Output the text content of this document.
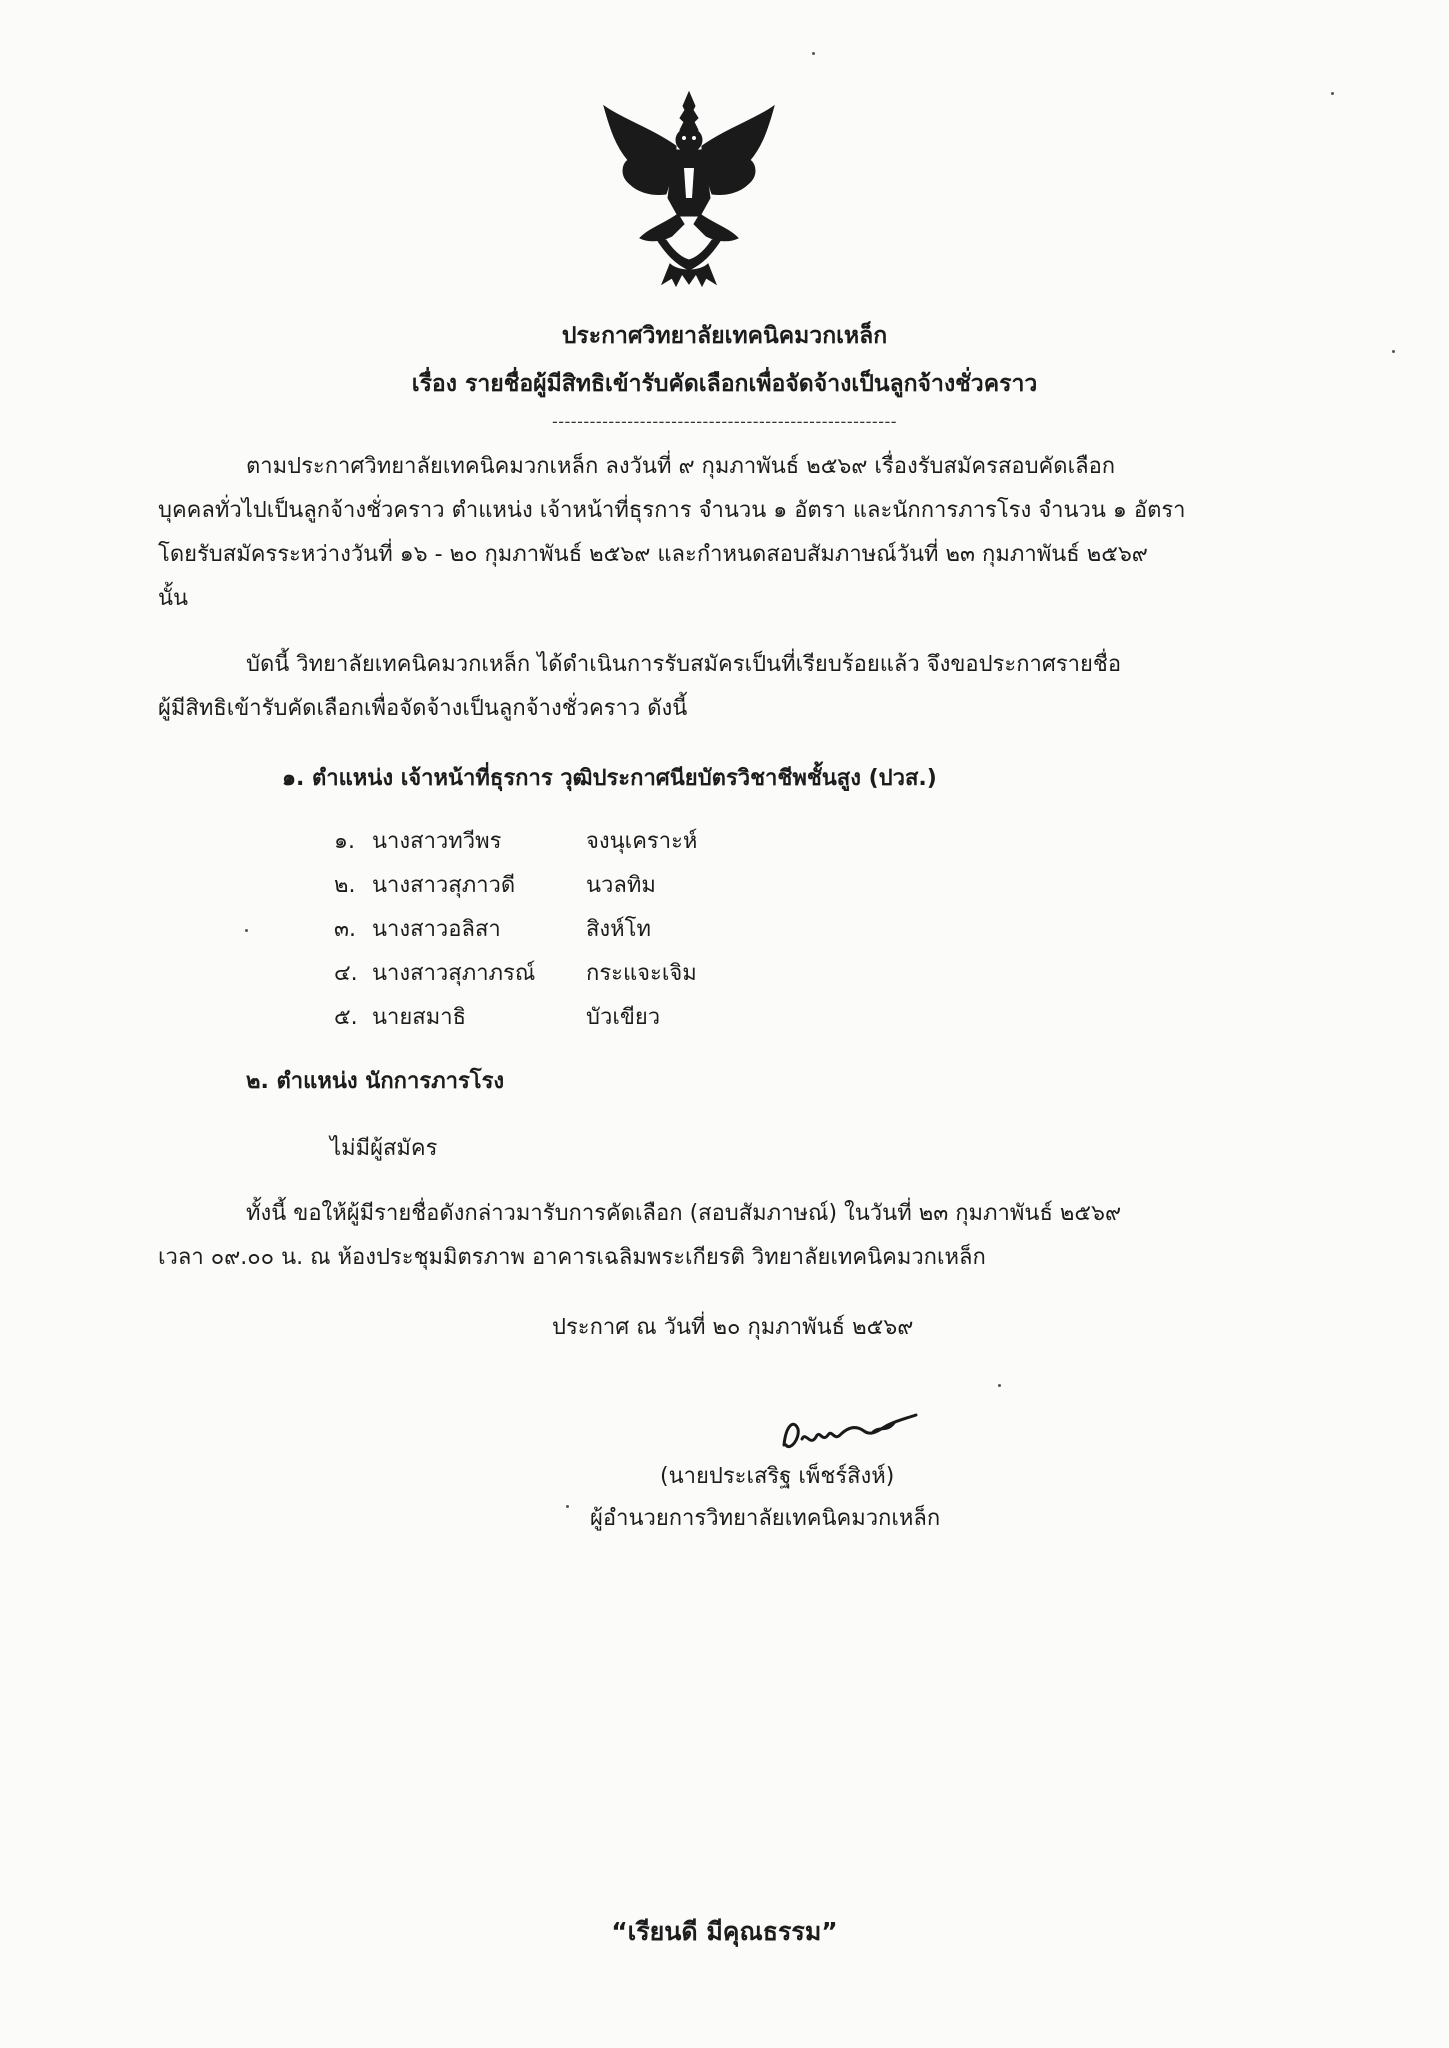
ประกาศวิทยาลัยเทคนิคมวกเหล็ก
เรื่อง รายชื่อผู้มีสิทธิเข้ารับคัดเลือกเพื่อจัดจ้างเป็นลูกจ้างชั่วคราว
-------------------------------------------------------
ตามประกาศวิทยาลัยเทคนิคมวกเหล็ก ลงวันที่ ๙ กุมภาพันธ์ ๒๕๖๙ เรื่องรับสมัครสอบคัดเลือก
บุคคลทั่วไปเป็นลูกจ้างชั่วคราว ตำแหน่ง เจ้าหน้าที่ธุรการ จำนวน ๑ อัตรา และนักการภารโรง จำนวน ๑ อัตรา
โดยรับสมัครระหว่างวันที่ ๑๖ - ๒๐ กุมภาพันธ์ ๒๕๖๙ และกำหนดสอบสัมภาษณ์วันที่ ๒๓ กุมภาพันธ์ ๒๕๖๙
นั้น
บัดนี้ วิทยาลัยเทคนิคมวกเหล็ก ได้ดำเนินการรับสมัครเป็นที่เรียบร้อยแล้ว จึงขอประกาศรายชื่อ
ผู้มีสิทธิเข้ารับคัดเลือกเพื่อจัดจ้างเป็นลูกจ้างชั่วคราว ดังนี้
๑. ตำแหน่ง เจ้าหน้าที่ธุรการ วุฒิประกาศนียบัตรวิชาชีพชั้นสูง (ปวส.)
๑. นางสาวทวีพร	จงนุเคราะห์
๒. นางสาวสุภาวดี	นวลทิม
๓. นางสาวอลิสา	สิงห์โท
๔. นางสาวสุภาภรณ์	กระแจะเจิม
๕. นายสมาธิ	บัวเขียว
๒. ตำแหน่ง นักการภารโรง
ไม่มีผู้สมัคร
ทั้งนี้ ขอให้ผู้มีรายชื่อดังกล่าวมารับการคัดเลือก (สอบสัมภาษณ์) ในวันที่ ๒๓ กุมภาพันธ์ ๒๕๖๙
เวลา ๐๙.๐๐ น. ณ ห้องประชุมมิตรภาพ อาคารเฉลิมพระเกียรติ วิทยาลัยเทคนิคมวกเหล็ก
ประกาศ ณ วันที่ ๒๐ กุมภาพันธ์ ๒๕๖๙
(นายประเสริฐ เพ็ชร์สิงห์)
ผู้อำนวยการวิทยาลัยเทคนิคมวกเหล็ก
“เรียนดี มีคุณธรรม”
